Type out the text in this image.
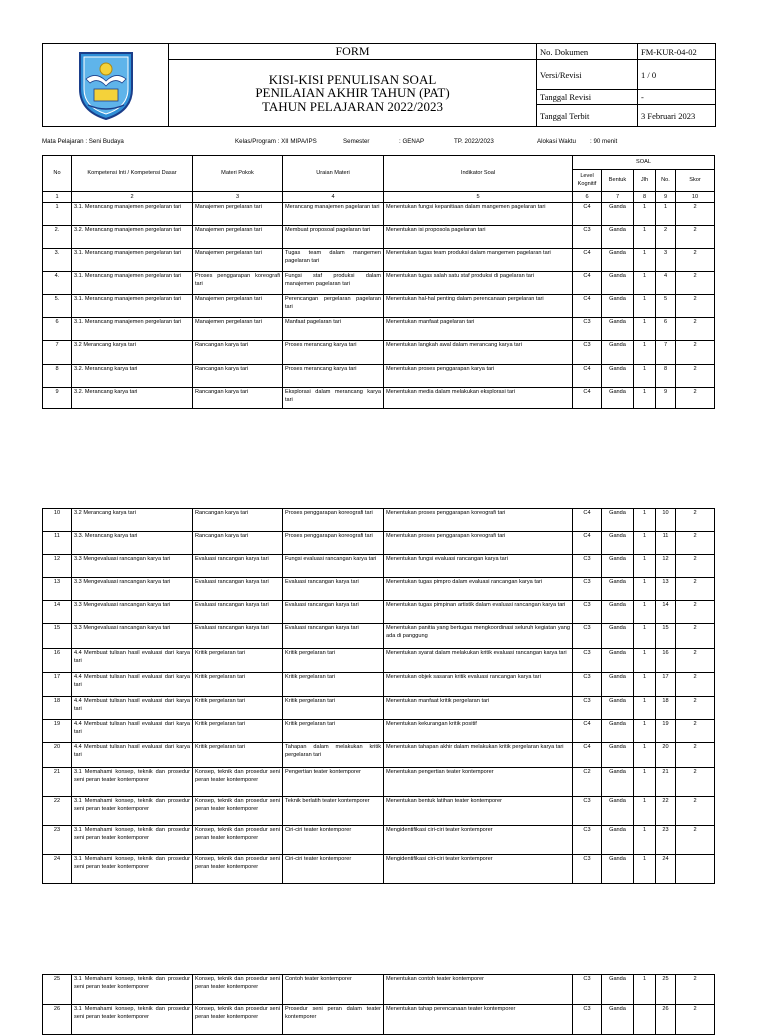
	FORM	No. Dokumen	FM-KUR-04-02

	KISI-KISI PENULISAN SOAL
PENILAIAN AKHIR TAHUN (PAT)
TAHUN PELAJARAN 2022/2023	Versi/Revisi	1 / 0
		Tanggal Revisi	-
		Tanggal Terbit	3 Februari 2023
Mata Pelajaran : Seni Budaya	Kelas/Program : XII MIPA/IPS	Semester	: GENAP	TP. 2022/2023	Alokasi Waktu : 90 menit
No	Kompetensi Inti / Kompetensi Dasar	Materi Pokok	Uraian Materi	Indikator Soal	SOAL				
					Level Kognitif	Bentuk	Jlh	No.	Skor
1	2	3	4	5	6	7	8	9	10
1	3.1. Merancang manajemen pergelaran tari	Manajemen pergelaran tari	Merancang manajemen pagelaran tari	Menentukan fungsi kepanitiaan dalam mangemen pagelaran tari	C4	Ganda	1	1	2
2.	3.2. Merancang manajemen pergelaran tari	Manajemen pergelaran tari	Membuat proposoal pagelaran tari	Menentukan isi proposola pagelaran tari	C3	Ganda	1	2	2
3.	3.1. Merancang manajemen pergelaran tari	Manajemen pergelaran tari	Tugas team dalam mangemen pagelaran tari	Menentukan tugas team produksi dalam mangemen pagelaran tari	C4	Ganda	1	3	2
4.	3.1. Merancang manajemen pergelaran tari	Proses penggarapan koreografi tari	Fungsi staf produksi dalam manajemen pagelaran tari	Menentukan tugas salah satu staf produksi di pagelaran tari	C4	Ganda	1	4	2
5.	3.1. Merancang manajemen pergelaran tari	Manajemen pergelaran tari	Perencangan pergelaran pagelaran tari	Menentukan hal-hal penting dalam perencanaan pergelaran tari	C4	Ganda	1	5	2
6	3.1. Merancang manajemen pergelaran tari	Manajemen pergelaran tari	Manfaat pagelaran tari	Menentukan manfaat pagelaran tari	C3	Ganda	1	6	2
7	3.2 Merancang karya tari	Rancangan karya tari	Proses merancang karya tari	Menentukan langkah awal dalam merancang karya tari	C3	Ganda	1	7	2
8	3.2. Merancang karya tari	Rancangan karya tari	Proses merancang karya tari	Menentukan proses penggarapan karya tari	C4	Ganda	1	8	2
9	3.2. Merancang karya tari	Rancangan karya tari	Eksplorasi dalam merancang karya tari	Menentukan media dalam melakukan eksplorasi tari	C4	Ganda	1	9	2
10	3.2 Merancang karya tari	Rancangan karya tari	Proses penggarapan koreografi tari	Menentukan proses penggarapan koreografi tari	C4	Ganda	1	10	2
11	3.3. Merancang karya tari	Rancangan karya tari	Proses penggarapan koreografi tari	Menentukan proses penggarapan koreografi tari	C4	Ganda	1	11	2
12	3.3 Mengevaluasi rancangan karya tari	Evaluasi rancangan karya tari	Fungsi evaluasi rancangan karya tari	Menentukan fungsi evaluasi rancangan karya tari	C3	Ganda	1	12	2
13	3.3 Mengevaluasi rancangan karya tari	Evaluasi rancangan karya tari	Evaluasi rancangan karya tari	Menentukan tugas pimpro dalam evaluasi rancangan karya tari	C3	Ganda	1	13	2
14	3.3 Mengevaluasi rancangan karya tari	Evaluasi rancangan karya tari	Evaluasi rancangan karya tari	Menentukan tugas pimpinan artistik dalam evaluasi rancangan karya tari	C3	Ganda	1	14	2
15	3.3 Mengevaluasi rancangan karya tari	Evaluasi rancangan karya tari	Evaluasi rancangan karya tari	Menentukan panitia yang bertugas mengkoordinasi seluruh kegiatan yang ada di panggung	C3	Ganda	1	15	2
16	4.4 Membuat tulisan hasil evaluasi dari karya tari	Kritik pergelaran tari	Kritik pergelaran tari	Menentukan syarat dalam melakukan kritik evaluasi rancangan karya tari	C3	Ganda	1	16	2
17	4.4 Membuat tulisan hasil evaluasi dari karya tari	Kritik pergelaran tari	Kritik pergelaran tari	Menentukan objek sasaran kritik evaluasi rancangan karya tari	C3	Ganda	1	17	2
18	4.4 Membuat tulisan hasil evaluasi dari karya tari	Kritik pergelaran tari	Kritik pergelaran tari	Menentukan manfaat kritik pergelaran tari	C3	Ganda	1	18	2
19	4.4 Membuat tulisan hasil evaluasi dari karya tari	Kritik pergelaran tari	Kritik pergelaran tari	Menentukan kekurangan kritik positif	C4	Ganda	1	19	2
20	4.4 Membuat tulisan hasil evaluasi dari karya tari	Kritik pergelaran tari	Tahapan dalam melakukan kritik pergelaran tari	Menentukan tahapan akhir dalam melakukan kritik pergelaran karya tari	C4	Ganda	1	20	2
21	3.1 Memahami konsep, teknik dan prosedur seni peran teater kontemporer	Konsep, teknik dan prosedur seni peran teater kontemporer	Pengertian teater kontemporer	Menentukan pengertian teater kontemporer	C2	Ganda	1	21	2
22	3.1 Memahami konsep, teknik dan prosedur seni peran teater kontemporer	Konsep, teknik dan prosedur seni peran teater kontemporer	Teknik berlatih teater kontemporer	Menentukan bentuk latihan teater kontemporer	C3	Ganda	1	22	2
23	3.1 Memahami konsep, teknik dan prosedur seni peran teater kontemporer	Konsep, teknik dan prosedur seni peran teater kontemporer	Ciri-ciri teater kontemporer	Mengidentifikasi ciri-ciri teater kontemporer	C3	Ganda	1	23	2
24	3.1 Memahami konsep, teknik dan prosedur seni peran teater kontemporer	Konsep, teknik dan prosedur seni peran teater kontemporer	Ciri-ciri teater kontemporer	Mengidentifikasi ciri-ciri teater kontemporer	C3	Ganda	1	24	
25	3.1 Memahami konsep, teknik dan prosedur seni peran teater kontemporer	Konsep, teknik dan prosedur seni peran teater kontemporer	Contoh teater kontemporer	Menentukan contoh teater kontemporer	C3	Ganda	1	25	2
26	3.1 Memahami konsep, teknik dan prosedur seni peran teater kontemporer	Konsep, teknik dan prosedur seni peran teater kontemporer	Prosedur seni peran dalam teater kontemporer	Menentukan tahap perencanaan teater kontemporer	C3	Ganda		26	2
